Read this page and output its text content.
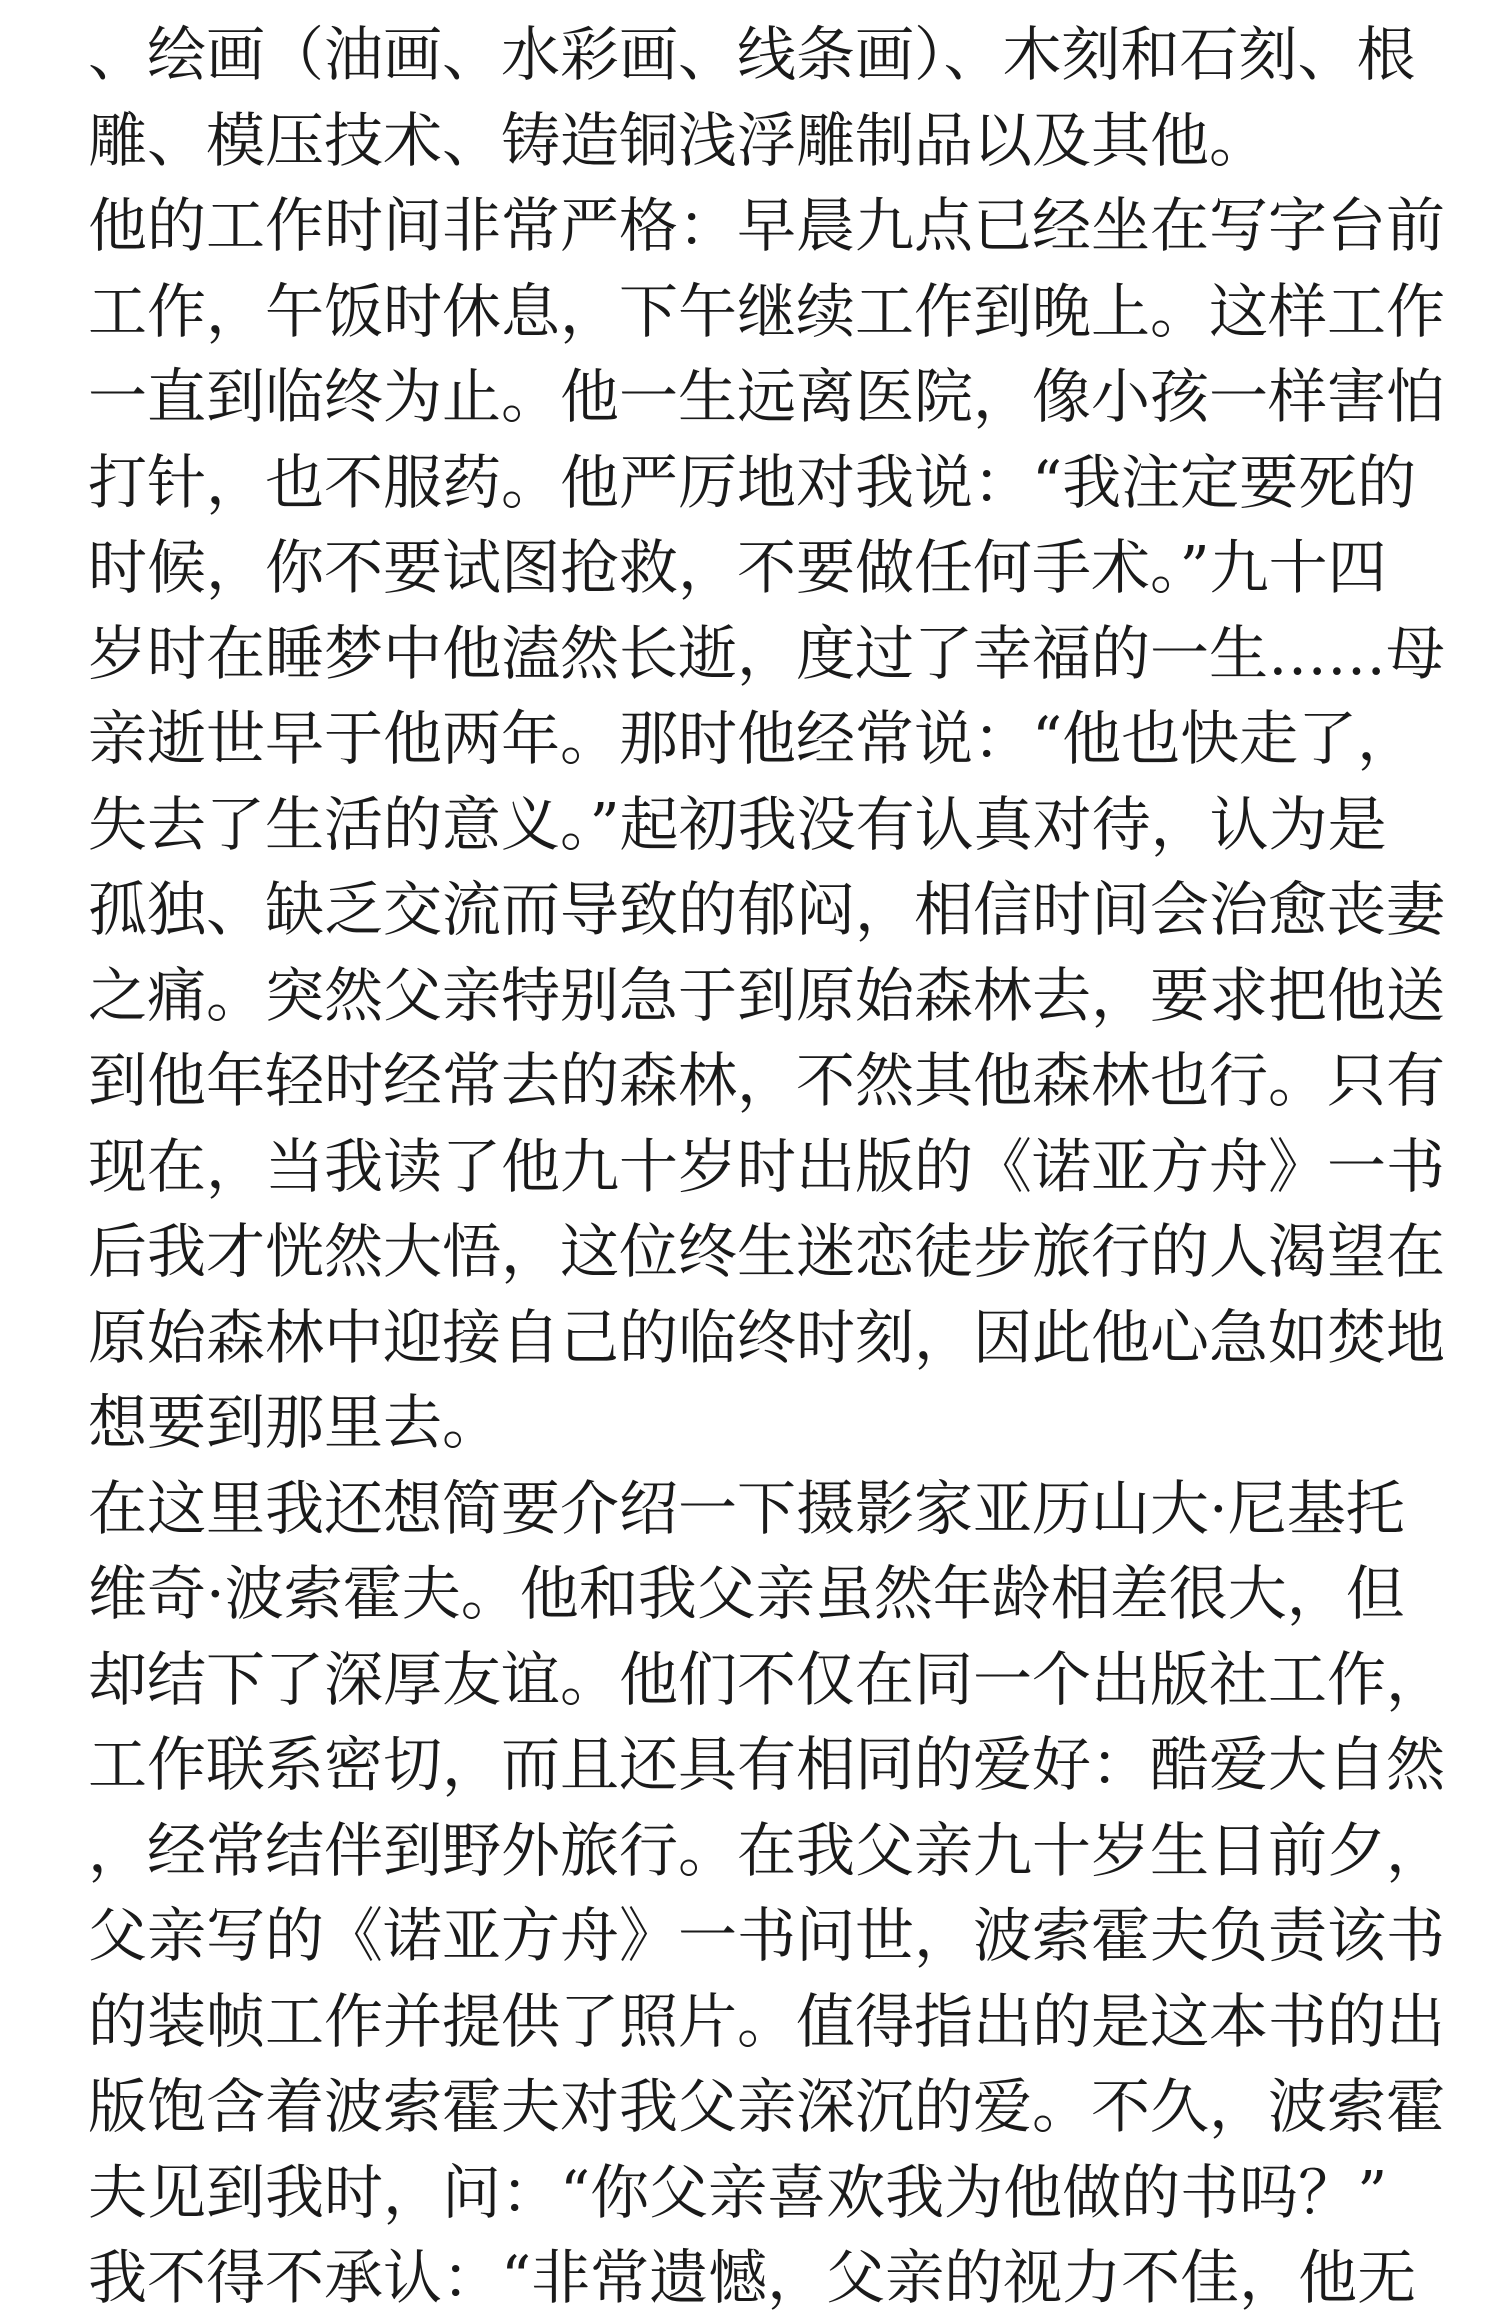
、绘画（油画、水彩画、线条画）、木刻和石刻、根
雕、模压技术、铸造铜浅浮雕制品以及其他。
他的工作时间非常严格：早晨九点已经坐在写字台前
工作，午饭时休息，下午继续工作到晚上。这样工作
一直到临终为止。他一生远离医院，像小孩一样害怕
打针，也不服药。他严厉地对我说：“我注定要死的
时候，你不要试图抢救，不要做任何手术。”九十四
岁时在睡梦中他溘然长逝，度过了幸福的一生……母
亲逝世早于他两年。那时他经常说：“他也快走了，
失去了生活的意义。”起初我没有认真对待，认为是
孤独、缺乏交流而导致的郁闷，相信时间会治愈丧妻
之痛。突然父亲特别急于到原始森林去，要求把他送
到他年轻时经常去的森林，不然其他森林也行。只有
现在，当我读了他九十岁时出版的《诺亚方舟》一书
后我才恍然大悟，这位终生迷恋徒步旅行的人渴望在
原始森林中迎接自己的临终时刻，因此他心急如焚地
想要到那里去。
在这里我还想简要介绍一下摄影家亚历山大·尼基托
维奇·波索霍夫。他和我父亲虽然年龄相差很大，但
却结下了深厚友谊。他们不仅在同一个出版社工作，
工作联系密切，而且还具有相同的爱好：酷爱大自然
，经常结伴到野外旅行。在我父亲九十岁生日前夕，
父亲写的《诺亚方舟》一书问世，波索霍夫负责该书
的装帧工作并提供了照片。值得指出的是这本书的出
版饱含着波索霍夫对我父亲深沉的爱。不久，波索霍
夫见到我时，问：“你父亲喜欢我为他做的书吗？”
我不得不承认：“非常遗憾，父亲的视力不佳，他无
